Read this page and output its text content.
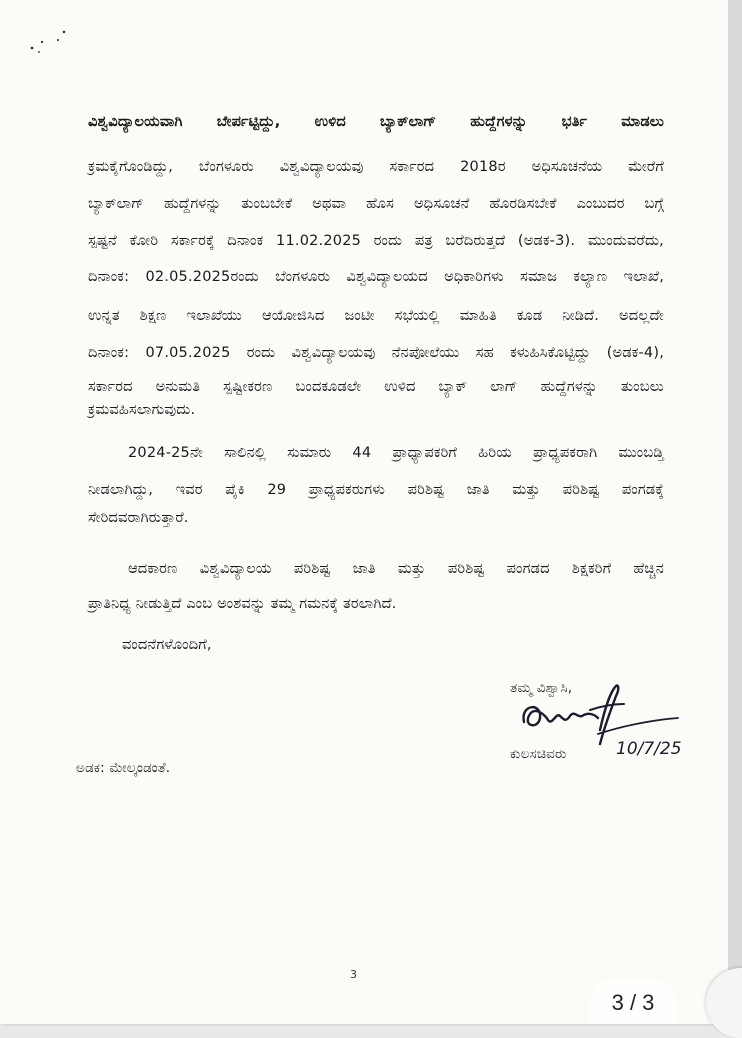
ವಿಶ್ವವಿದ್ಯಾಲಯವಾಗಿ ಬೇರ್ಪಟ್ಟಿದ್ದು, ಉಳಿದ ಬ್ಯಾಕ್‌ಲಾಗ್ ಹುದ್ದೆಗಳನ್ನು ಭರ್ತಿ ಮಾಡಲು
ಕ್ರಮಕೈಗೊಂಡಿದ್ದು, ಬೆಂಗಳೂರು ವಿಶ್ವವಿದ್ಯಾಲಯವು ಸರ್ಕಾರದ 2018ರ ಅಧಿಸೂಚನೆಯ ಮೇರೆಗೆ
ಬ್ಯಾಕ್‌ಲಾಗ್ ಹುದ್ದೆಗಳನ್ನು ತುಂಬಬೇಕೆ ಅಥವಾ ಹೊಸ ಅಧಿಸೂಚನೆ ಹೊರಡಿಸಬೇಕೆ ಎಂಬುದರ ಬಗ್ಗೆ
ಸ್ಪಷ್ಟನೆ ಕೋರಿ ಸರ್ಕಾರಕ್ಕೆ ದಿನಾಂಕ 11.02.2025 ರಂದು ಪತ್ರ ಬರೆದಿರುತ್ತದೆ (ಅಡಕ-3). ಮುಂದುವರೆದು,
ದಿನಾಂಕ: 02.05.2025ರಂದು ಬೆಂಗಳೂರು ವಿಶ್ವವಿದ್ಯಾಲಯದ ಅಧಿಕಾರಿಗಳು ಸಮಾಜ ಕಲ್ಯಾಣ ಇಲಾಖೆ,
ಉನ್ನತ ಶಿಕ್ಷಣ ಇಲಾಖೆಯು ಆಯೋಜಿಸಿದ ಜಂಟೀ ಸಭೆಯಲ್ಲಿ ಮಾಹಿತಿ ಕೂಡ ನೀಡಿದೆ. ಅದಲ್ಲದೇ
ದಿನಾಂಕ: 07.05.2025 ರಂದು ವಿಶ್ವವಿದ್ಯಾಲಯವು ನೆನಪೋಲೆಯು ಸಹ ಕಳುಹಿಸಿಕೊಟ್ಟಿದ್ದು (ಅಡಕ-4),
ಸರ್ಕಾರದ ಅನುಮತಿ ಸ್ಪಷ್ಟೀಕರಣ ಬಂದಕೂಡಲೇ ಉಳಿದ ಬ್ಯಾಕ್ ಲಾಗ್ ಹುದ್ದೆಗಳನ್ನು ತುಂಬಲು
ಕ್ರಮವಹಿಸಲಾಗುವುದು.
2024-25ನೇ ಸಾಲಿನಲ್ಲಿ ಸುಮಾರು 44 ಪ್ರಾಧ್ಯಾಪಕರಿಗೆ ಹಿರಿಯ ಪ್ರಾಧ್ಯಪಕರಾಗಿ ಮುಂಬಡ್ತಿ
ನೀಡಲಾಗಿದ್ದು, ಇವರ ಪೈಕಿ 29 ಪ್ರಾಧ್ಯಪಕರುಗಳು ಪರಿಶಿಷ್ಟ ಜಾತಿ ಮತ್ತು ಪರಿಶಿಷ್ಟ ಪಂಗಡಕ್ಕೆ
ಸೇರಿದವರಾಗಿರುತ್ತಾರೆ.
ಆದಕಾರಣ ವಿಶ್ವವಿದ್ಯಾಲಯ ಪರಿಶಿಷ್ಟ ಜಾತಿ ಮತ್ತು ಪರಿಶಿಷ್ಟ ಪಂಗಡದ ಶಿಕ್ಷಕರಿಗೆ ಹೆಚ್ಚಿನ
ಪ್ರಾತಿನಿಧ್ಯ ನೀಡುತ್ತಿದೆ ಎಂಬ ಅಂಶವನ್ನು ತಮ್ಮ ಗಮನಕ್ಕೆ ತರಲಾಗಿದೆ.
ವಂದನೆಗಳೊಂದಿಗೆ,
ತಮ್ಮ ವಿಶ್ವಾಸಿ,
10/7/25
ಕುಲಸಚಿವರು
ಅಡಕ: ಮೇಲ್ಕಂಡಂತೆ.
3
3 / 3
